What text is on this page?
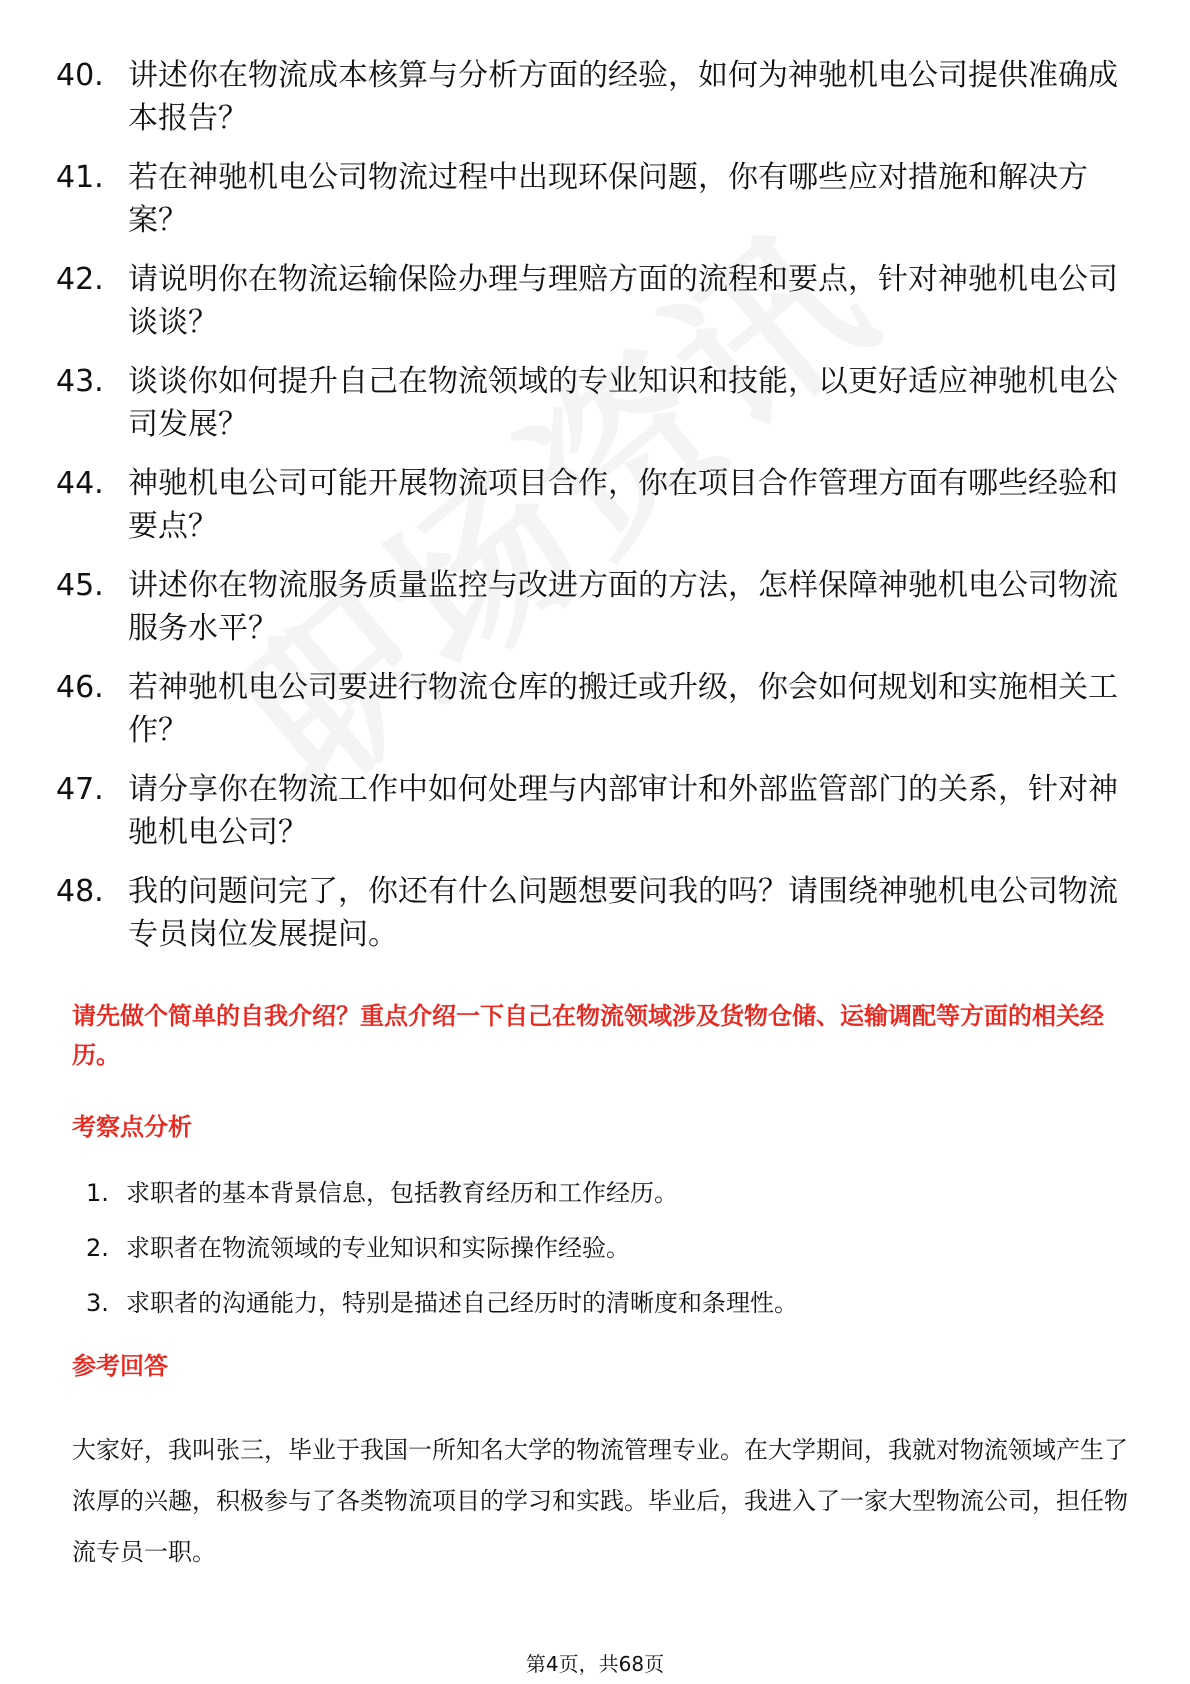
40. 讲述你在物流成本核算与分析方面的经验，如何为神驰机电公司提供准确成本报告？
41. 若在神驰机电公司物流过程中出现环保问题，你有哪些应对措施和解决方案？
42. 请说明你在物流运输保险办理与理赔方面的流程和要点，针对神驰机电公司谈谈？
43. 谈谈你如何提升自己在物流领域的专业知识和技能，以更好适应神驰机电公司发展？
44. 神驰机电公司可能开展物流项目合作，你在项目合作管理方面有哪些经验和要点？
45. 讲述你在物流服务质量监控与改进方面的方法，怎样保障神驰机电公司物流服务水平？
46. 若神驰机电公司要进行物流仓库的搬迁或升级，你会如何规划和实施相关工作？
47. 请分享你在物流工作中如何处理与内部审计和外部监管部门的关系，针对神驰机电公司？
48. 我的问题问完了，你还有什么问题想要问我的吗？请围绕神驰机电公司物流专员岗位发展提问。
请先做个简单的自我介绍？重点介绍一下自己在物流领域涉及货物仓储、运输调配等方面的相关经历。
考察点分析
1. 求职者的基本背景信息，包括教育经历和工作经历。
2. 求职者在物流领域的专业知识和实际操作经验。
3. 求职者的沟通能力，特别是描述自己经历时的清晰度和条理性。
参考回答

大家好，我叫张三，毕业于我国一所知名大学的物流管理专业。在大学期间，我就对物流领域产生了浓厚的兴趣，积极参与了各类物流项目的学习和实践。毕业后，我进入了一家大型物流公司，担任物流专员一职。

第4页，共68页
